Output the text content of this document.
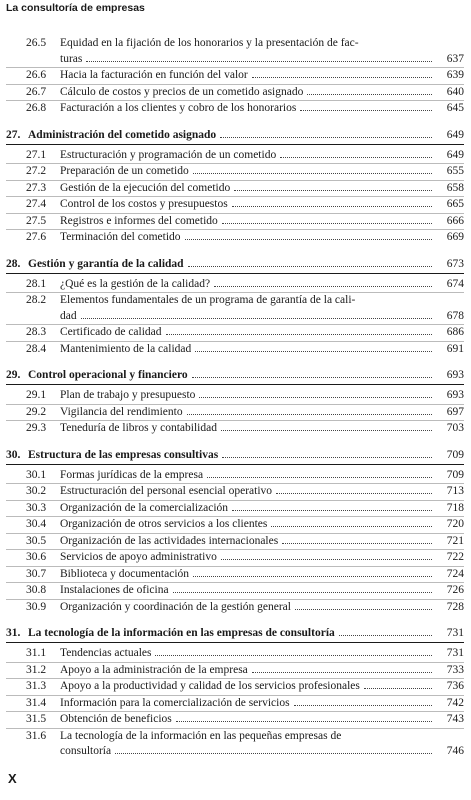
La consultoría de empresas
26.5	Equidad en la fijación de los honorarios y la presentación de fac-
turas	637
26.6	Hacia la facturación en función del valor	639
26.7	Cálculo de costos y precios de un cometido asignado	640
26.8	Facturación a los clientes y cobro de los honorarios	645
27. Administración del cometido asignado	649
27.1	Estructuración y programación de un cometido	649
27.2	Preparación de un cometido	655
27.3	Gestión de la ejecución del cometido	658
27.4	Control de los costos y presupuestos	665
27.5	Registros e informes del cometido	666
27.6	Terminación del cometido	669
28. Gestión y garantía de la calidad	673
28.1	¿Qué es la gestión de la calidad?	674
28.2	Elementos fundamentales de un programa de garantía de la cali-
dad	678
28.3	Certificado de calidad	686
28.4	Mantenimiento de la calidad	691
29. Control operacional y financiero	693
29.1	Plan de trabajo y presupuesto	693
29.2	Vigilancia del rendimiento	697
29.3	Teneduría de libros y contabilidad	703
30. Estructura de las empresas consultivas	709
30.1	Formas jurídicas de la empresa	709
30.2	Estructuración del personal esencial operativo	713
30.3	Organización de la comercialización	718
30.4	Organización de otros servicios a los clientes	720
30.5	Organización de las actividades internacionales	721
30.6	Servicios de apoyo administrativo	722
30.7	Biblioteca y documentación	724
30.8	Instalaciones de oficina	726
30.9	Organización y coordinación de la gestión general	728
31. La tecnología de la información en las empresas de consultoría	731
31.1	Tendencias actuales	731
31.2	Apoyo a la administración de la empresa	733
31.3	Apoyo a la productividad y calidad de los servicios profesionales	736
31.4	Información para la comercialización de servicios	742
31.5	Obtención de beneficios	743
31.6	La tecnología de la información en las pequeñas empresas de
consultoría	746
X
